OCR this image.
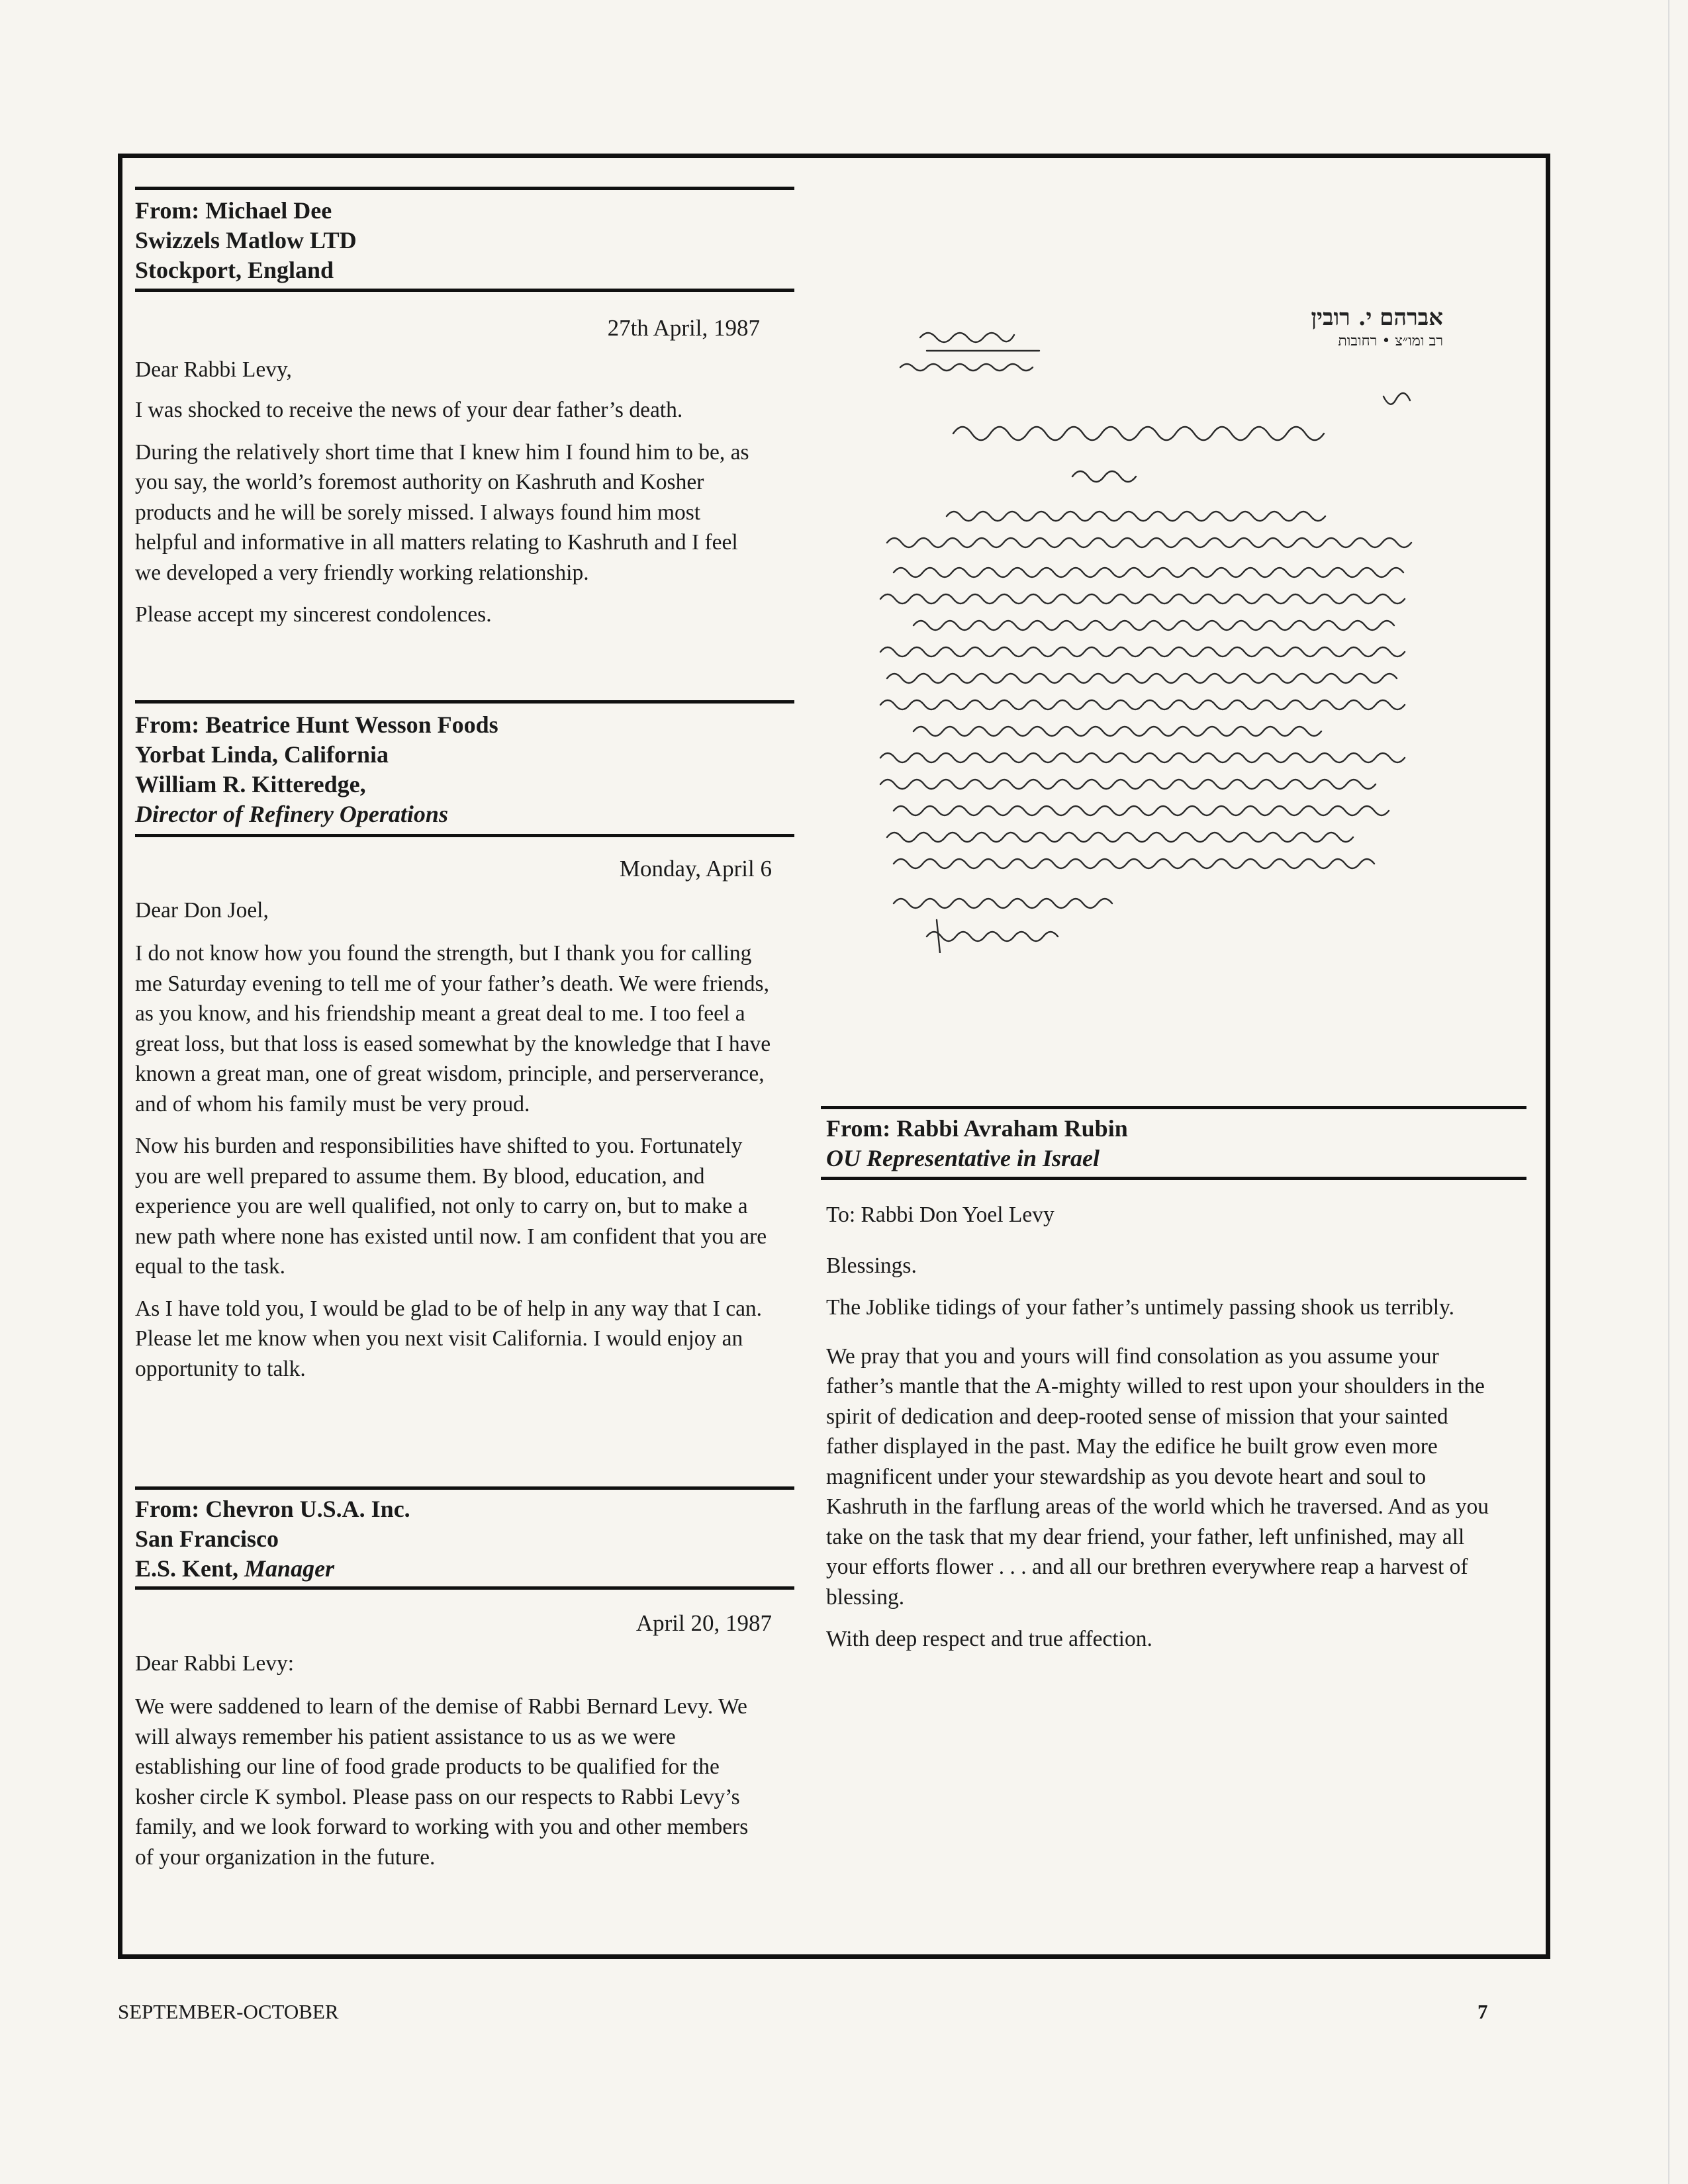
From: Michael Dee
Swizzels Matlow LTD
Stockport, England
27th April, 1987

Dear Rabbi Levy,

I was shocked to receive the news of your dear father’s death.

During the relatively short time that I knew him I found him to be, as you say, the world’s foremost authority on Kashruth and Kosher products and he will be sorely missed. I always found him most helpful and informative in all matters relating to Kashruth and I feel we developed a very friendly working relationship.

Please accept my sincerest condolences.

From: Beatrice Hunt Wesson Foods
Yorbat Linda, California
William R. Kitteredge,
Director of Refinery Operations
Monday, April 6

Dear Don Joel,

I do not know how you found the strength, but I thank you for calling me Saturday evening to tell me of your father’s death. We were friends, as you know, and his friendship meant a great deal to me. I too feel a great loss, but that loss is eased somewhat by the knowledge that I have known a great man, one of great wisdom, principle, and perserverance, and of whom his family must be very proud.

Now his burden and responsibilities have shifted to you. Fortunately you are well prepared to assume them. By blood, education, and experience you are well qualified, not only to carry on, but to make a new path where none has existed until now. I am confident that you are equal to the task.

As I have told you, I would be glad to be of help in any way that I can. Please let me know when you next visit California. I would enjoy an opportunity to talk.

From: Chevron U.S.A. Inc.
San Francisco
E.S. Kent, Manager
April 20, 1987

Dear Rabbi Levy:

We were saddened to learn of the demise of Rabbi Bernard Levy. We will always remember his patient assistance to us as we were establishing our line of food grade products to be qualified for the kosher circle K symbol. Please pass on our respects to Rabbi Levy’s family, and we look forward to working with you and other members of your organization in the future.

אברהם י. רובין
רב ומו״צ • רחובות
From: Rabbi Avraham Rubin
OU Representative in Israel

To: Rabbi Don Yoel Levy

Blessings.

The Joblike tidings of your father’s untimely passing shook us terribly.

We pray that you and yours will find consolation as you assume your father’s mantle that the A-mighty willed to rest upon your shoulders in the spirit of dedication and deep-rooted sense of mission that your sainted father displayed in the past. May the edifice he built grow even more magnificent under your stewardship as you devote heart and soul to Kashruth in the farflung areas of the world which he traversed. And as you take on the task that my dear friend, your father, left unfinished, may all your efforts flower . . . and all our brethren everywhere reap a harvest of blessing.

With deep respect and true affection.

SEPTEMBER-OCTOBER	7
